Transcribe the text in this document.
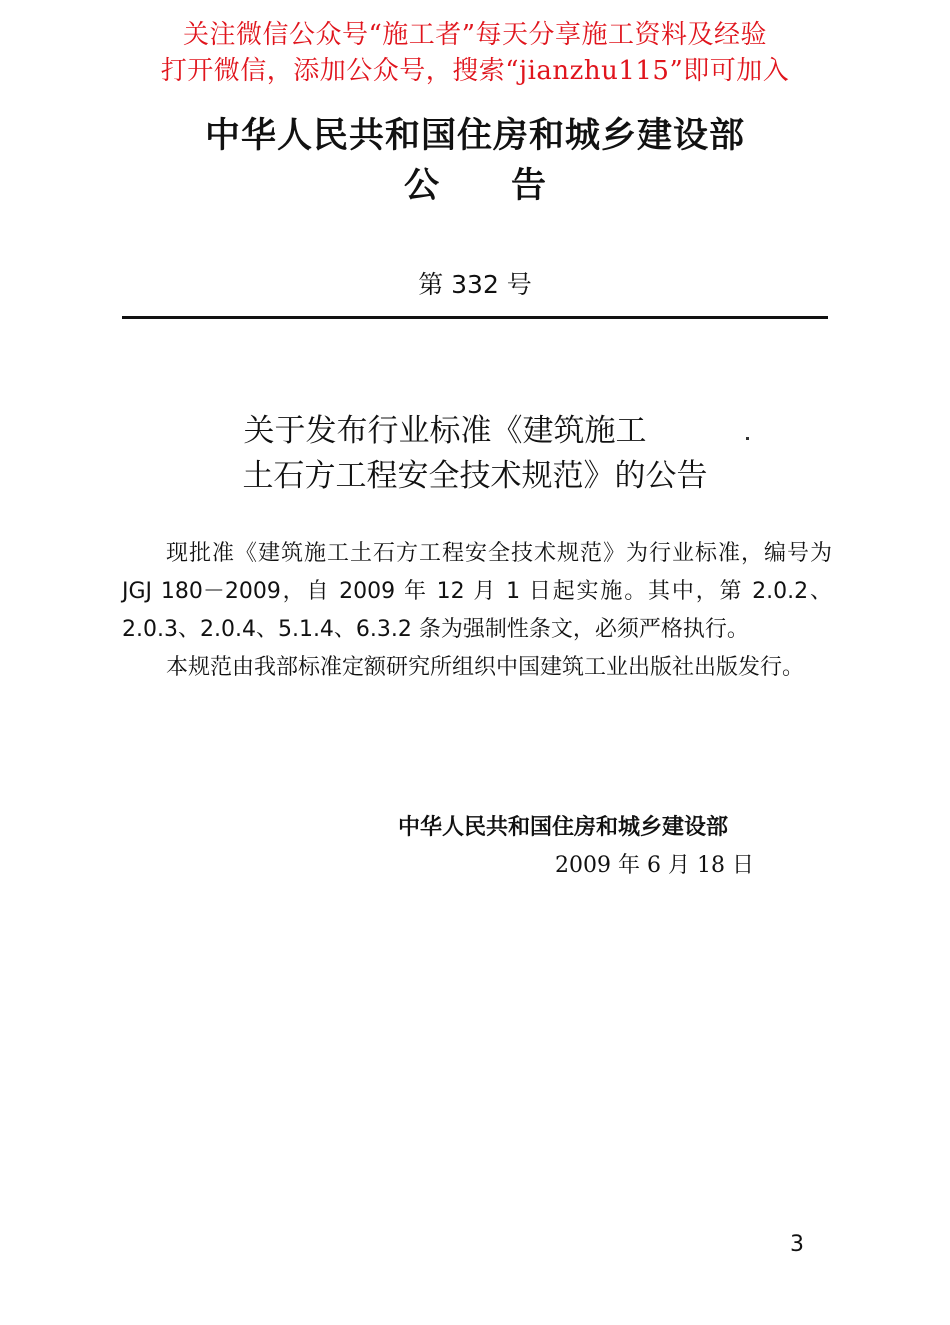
关注微信公众号“施工者”每天分享施工资料及经验
打开微信，添加公众号，搜索“jianzhu115”即可加入
中华人民共和国住房和城乡建设部
公 告
第 332 号
关于发布行业标准《建筑施工
土石方工程安全技术规范》的公告

现批准《建筑施工土石方工程安全技术规范》为行业标准，编号为 JGJ 180－2009，自 2009 年 12 月 1 日起实施。其中，第 2.0.2、2.0.3、2.0.4、5.1.4、6.3.2 条为强制性条文，必须严格执行。

本规范由我部标准定额研究所组织中国建筑工业出版社出版发行。

中华人民共和国住房和城乡建设部
2009 年 6 月 18 日
3
